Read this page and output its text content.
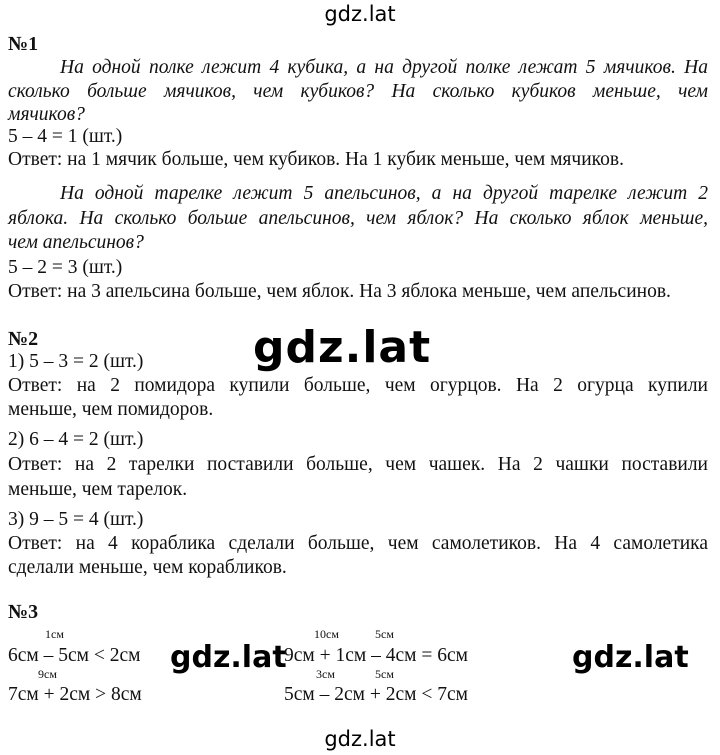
gdz.lat
gdz.lat
gdz.lat	gdz.lat
gdz.lat
№1
На одной полке лежит 4 кубика, а на другой полке лежат 5 мячиков. На
сколько больше мячиков, чем кубиков? На сколько кубиков меньше, чем
мячиков?
5 – 4 = 1 (шт.)
Ответ: на 1 мячик больше, чем кубиков. На 1 кубик меньше, чем мячиков.
На одной тарелке лежит 5 апельсинов, а на другой тарелке лежит 2
яблока. На сколько больше апельсинов, чем яблок? На сколько яблок меньше,
чем апельсинов?
5 – 2 = 3 (шт.)
Ответ: на 3 апельсина больше, чем яблок. На 3 яблока меньше, чем апельсинов.
№2
1) 5 – 3 = 2 (шт.)
Ответ: на 2 помидора купили больше, чем огурцов. На 2 огурца купили
меньше, чем помидоров.
2) 6 – 4 = 2 (шт.)
Ответ: на 2 тарелки поставили больше, чем чашек. На 2 чашки поставили
меньше, чем тарелок.
3) 9 – 5 = 4 (шт.)
Ответ: на 4 кораблика сделали больше, чем самолетиков. На 4 самолетика
сделали меньше, чем корабликов.
№3
1см
6см – 5см < 2см
9см
7см + 2см > 8см
10см	5см
9см + 1см – 4см = 6см
3см	5см
5см – 2см + 2см < 7см
